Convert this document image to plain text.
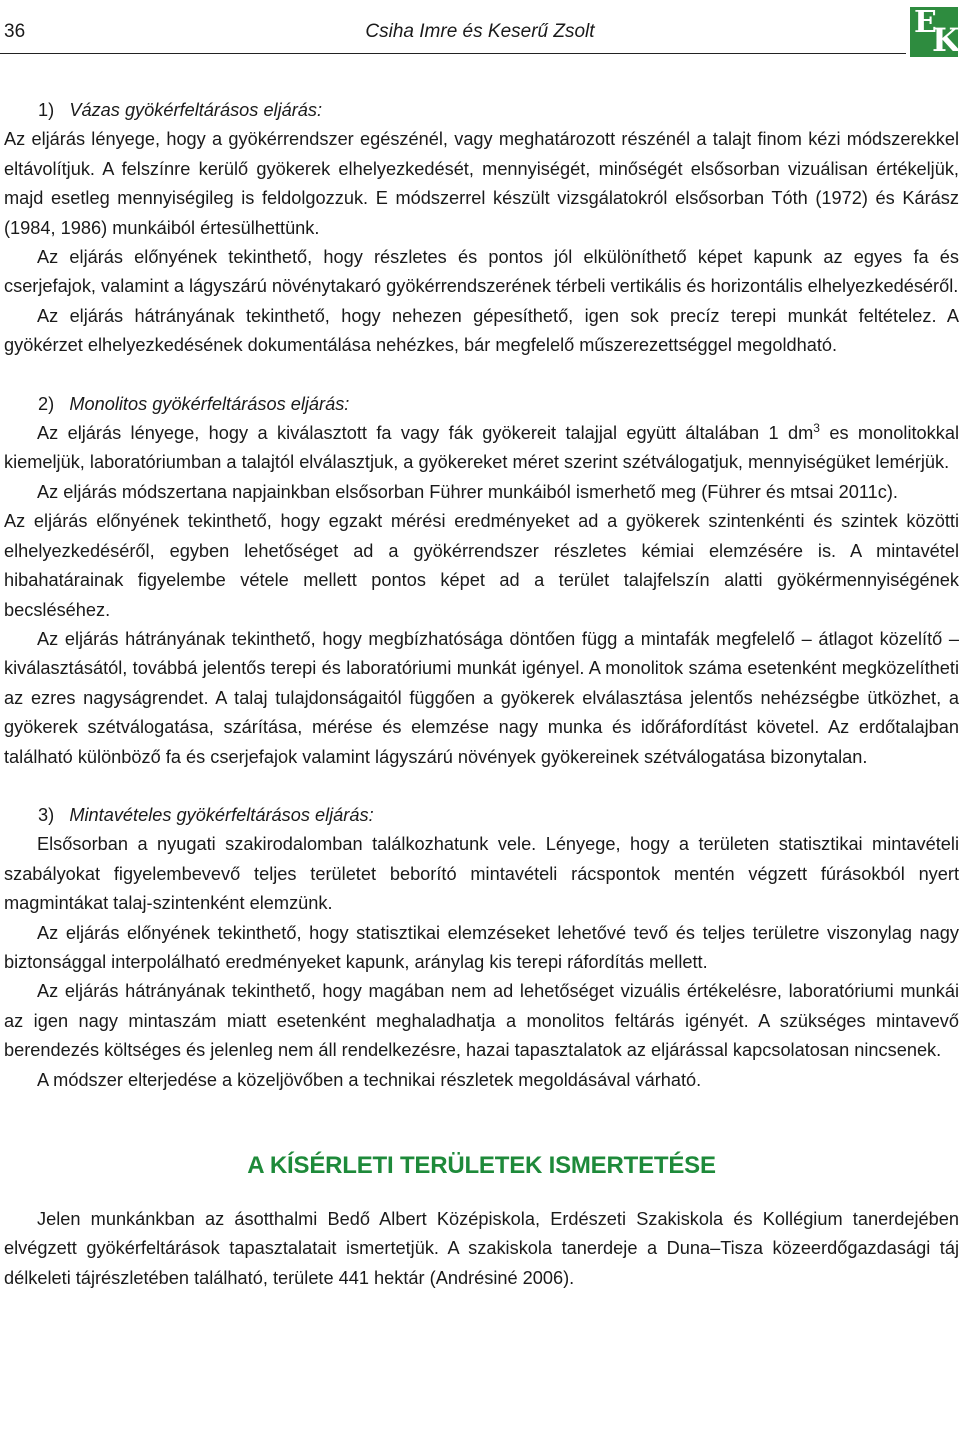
36	Csiha Imre és Keserű Zsolt	E
K

1) Vázas gyökérfeltárásos eljárás:

Az eljárás lényege, hogy a gyökérrendszer egészénél, vagy meghatározott részénél a talajt finom kézi módszerekkel eltávolítjuk. A felszínre kerülő gyökerek elhelyezkedését, mennyiségét, minőségét elsősorban vizuálisan értékeljük, majd esetleg mennyiségileg is feldolgozzuk. E módszerrel készült vizsgálatokról elsősorban Tóth (1972) és Kárász (1984, 1986) munkáiból értesülhettünk.

Az eljárás előnyének tekinthető, hogy részletes és pontos jól elkülöníthető képet kapunk az egyes fa és cserjefajok, valamint a lágyszárú növénytakaró gyökérrendszerének térbeli vertikális és horizontális elhelyezkedéséről.

Az eljárás hátrányának tekinthető, hogy nehezen gépesíthető, igen sok precíz terepi munkát feltételez. A gyökérzet elhelyezkedésének dokumentálása nehézkes, bár megfelelő műszerezettséggel megoldható.

2) Monolitos gyökérfeltárásos eljárás:

Az eljárás lényege, hogy a kiválasztott fa vagy fák gyökereit talajjal együtt általában 1 $dm^3$ es monolitokkal kiemeljük, laboratóriumban a talajtól elválasztjuk, a gyökereket méret szerint szétválogatjuk, mennyiségüket lemérjük.

Az eljárás módszertana napjainkban elsősorban Führer munkáiból ismerhető meg (Führer és mtsai 2011c).

Az eljárás előnyének tekinthető, hogy egzakt mérési eredményeket ad a gyökerek szintenkénti és szintek közötti elhelyezkedéséről, egyben lehetőséget ad a gyökérrendszer részletes kémiai elemzésére is. A mintavétel hibahatárainak figyelembe vétele mellett pontos képet ad a terület talajfelszín alatti gyökérmennyiségének becsléséhez.

Az eljárás hátrányának tekinthető, hogy megbízhatósága döntően függ a mintafák megfelelő – átlagot közelítő – kiválasztásától, továbbá jelentős terepi és laboratóriumi munkát igényel. A monolitok száma esetenként megközelítheti az ezres nagyságrendet. A talaj tulajdonságaitól függően a gyökerek elválasztása jelentős nehézségbe ütközhet, a gyökerek szétválogatása, szárítása, mérése és elemzése nagy munka és időráfordítást követel. Az erdőtalajban található különböző fa és cserjefajok valamint lágyszárú növények gyökereinek szétválogatása bizonytalan.

3) Mintavételes gyökérfeltárásos eljárás:

Elsősorban a nyugati szakirodalomban találkozhatunk vele. Lényege, hogy a területen statisztikai mintavételi szabályokat figyelembevevő teljes területet beborító mintavételi rácspontok mentén végzett fúrásokból nyert magmintákat talaj-szintenként elemzünk.

Az eljárás előnyének tekinthető, hogy statisztikai elemzéseket lehetővé tevő és teljes területre viszonylag nagy biztonsággal interpolálható eredményeket kapunk, aránylag kis terepi ráfordítás mellett.

Az eljárás hátrányának tekinthető, hogy magában nem ad lehetőséget vizuális értékelésre, laboratóriumi munkái az igen nagy mintaszám miatt esetenként meghaladhatja a monolitos feltárás igényét. A szükséges mintavevő berendezés költséges és jelenleg nem áll rendelkezésre, hazai tapasztalatok az eljárással kapcsolatosan nincsenek.

A módszer elterjedése a közeljövőben a technikai részletek megoldásával várható.

A KÍSÉRLETI TERÜLETEK ISMERTETÉSE

Jelen munkánkban az ásotthalmi Bedő Albert Középiskola, Erdészeti Szakiskola és Kollégium tanerdejében elvégzett gyökérfeltárások tapasztalatait ismertetjük. A szakiskola tanerdeje a Duna–Tisza közeerdőgazdasági táj délkeleti tájrészletében található, területe 441 hektár (Andrésiné 2006).
